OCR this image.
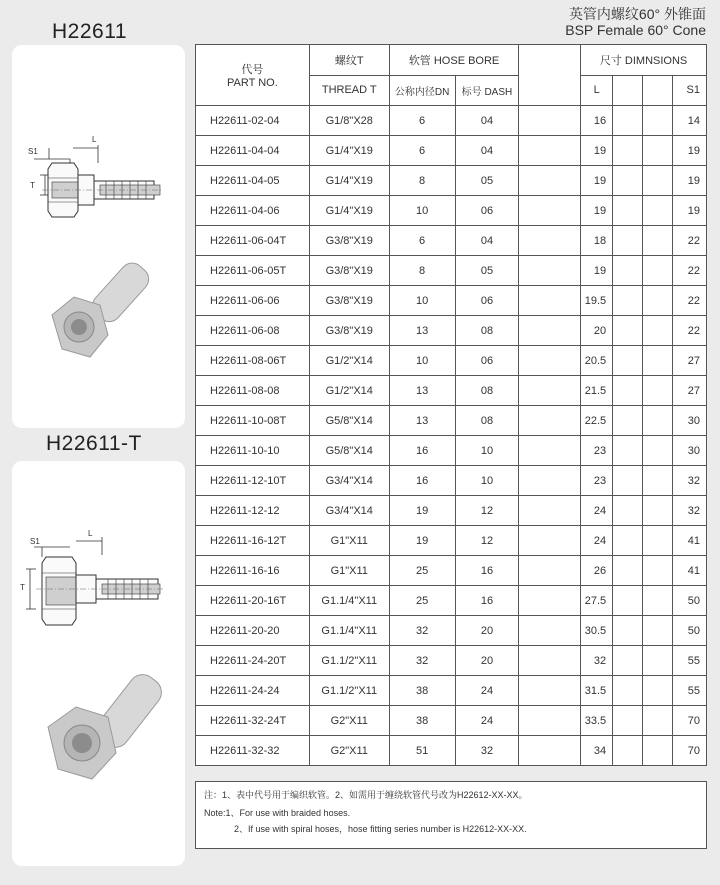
H22611
H22611-T
S1
L
T
S1
L
T
英管内螺纹60° 外锥面
BSP Female 60° Cone
代号
PART NO.	螺纹T	软管 HOSE BORE			尺寸 DIMNSIONS			
	THREAD T	公称内径DN	标号 DASH		L			S1
H22611-02-04	G1/8"X28	6	04		16			14
H22611-04-04	G1/4"X19	6	04		19			19
H22611-04-05	G1/4"X19	8	05		19			19
H22611-04-06	G1/4"X19	10	06		19			19
H22611-06-04T	G3/8"X19	6	04		18			22
H22611-06-05T	G3/8"X19	8	05		19			22
H22611-06-06	G3/8"X19	10	06		19.5			22
H22611-06-08	G3/8"X19	13	08		20			22
H22611-08-06T	G1/2"X14	10	06		20.5			27
H22611-08-08	G1/2"X14	13	08		21.5			27
H22611-10-08T	G5/8"X14	13	08		22.5			30
H22611-10-10	G5/8"X14	16	10		23			30
H22611-12-10T	G3/4"X14	16	10		23			32
H22611-12-12	G3/4"X14	19	12		24			32
H22611-16-12T	G1"X11	19	12		24			41
H22611-16-16	G1"X11	25	16		26			41
H22611-20-16T	G1.1/4"X11	25	16		27.5			50
H22611-20-20	G1.1/4"X11	32	20		30.5			50
H22611-24-20T	G1.1/2"X11	32	20		32			55
H22611-24-24	G1.1/2"X11	38	24		31.5			55
H22611-32-24T	G2"X11	38	24		33.5			70
H22611-32-32	G2"X11	51	32		34			70
注：1、表中代号用于编织软管。2、如需用于缠绕软管代号改为H22612-XX-XX。
Note:1、For use with braided hoses.
2、If use with spiral hoses，hose fitting series number is H22612-XX-XX.
